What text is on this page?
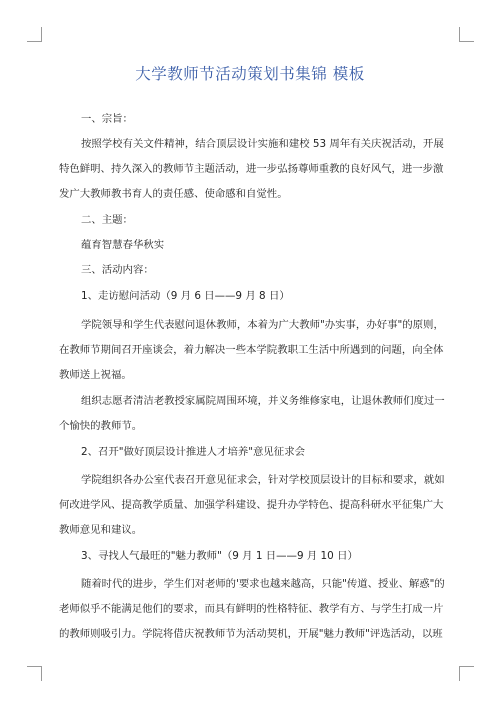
大学教师节活动策划书集锦 模板
一、宗旨：
按照学校有关文件精神，结合顶层设计实施和建校 53 周年有关庆祝活动，开展
特色鲜明、持久深入的教师节主题活动，进一步弘扬尊师重教的良好风气，进一步激
发广大教师教书育人的责任感、使命感和自觉性。
二、主题：
蕴育智慧春华秋实
三、活动内容：
1、走访慰问活动（9 月 6 日——9 月 8 日）
学院领导和学生代表慰问退休教师，本着为广大教师"办实事，办好事"的原则，
在教师节期间召开座谈会，着力解决一些本学院教职工生活中所遇到的问题，向全体
教师送上祝福。
组织志愿者清洁老教授家属院周围环境，并义务维修家电，让退休教师们度过一
个愉快的教师节。
2、召开"做好顶层设计推进人才培养"意见征求会
学院组织各办公室代表召开意见征求会，针对学校顶层设计的目标和要求，就如
何改进学风、提高教学质量、加强学科建设、提升办学特色、提高科研水平征集广大
教师意见和建议。
3、寻找人气最旺的"魅力教师"（9 月 1 日——9 月 10 日）
随着时代的进步，学生们对老师的'要求也越来越高，只能"传道、授业、解惑"的
老师似乎不能满足他们的要求，而具有鲜明的性格特征、教学有方、与学生打成一片
的教师则吸引力。学院将借庆祝教师节为活动契机，开展"魅力教师"评选活动，以班
